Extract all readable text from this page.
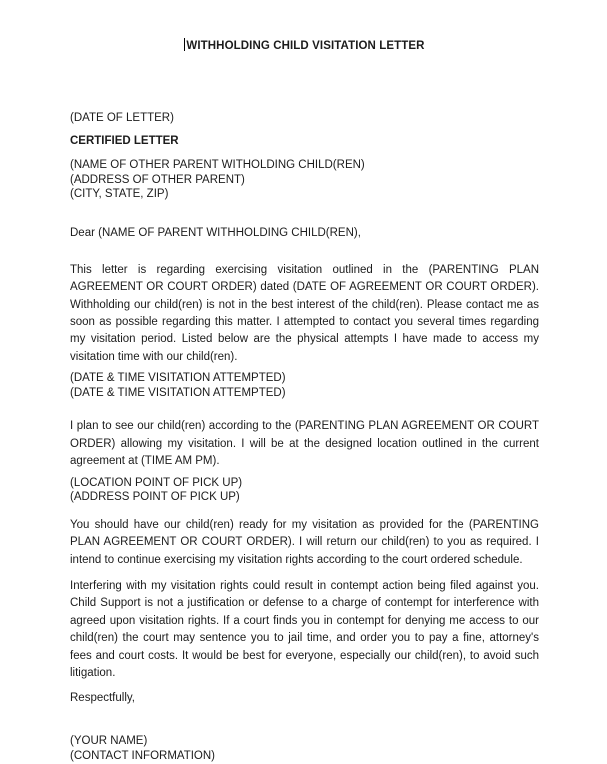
WITHHOLDING CHILD VISITATION LETTER
(DATE OF LETTER)
CERTIFIED LETTER
(NAME OF OTHER PARENT WITHOLDING CHILD(REN)
(ADDRESS OF OTHER PARENT)
(CITY, STATE, ZIP)
Dear (NAME OF PARENT WITHHOLDING CHILD(REN),
This letter is regarding exercising visitation outlined in the (PARENTING PLAN AGREEMENT OR COURT ORDER) dated (DATE OF AGREEMENT OR COURT ORDER). Withholding our child(ren) is not in the best interest of the child(ren). Please contact me as soon as possible regarding this matter. I attempted to contact you several times regarding my visitation period. Listed below are the physical attempts I have made to access my visitation time with our child(ren).
(DATE & TIME VISITATION ATTEMPTED)
(DATE & TIME VISITATION ATTEMPTED)
I plan to see our child(ren) according to the (PARENTING PLAN AGREEMENT OR COURT ORDER) allowing my visitation. I will be at the designed location outlined in the current agreement at (TIME AM PM).
(LOCATION POINT OF PICK UP)
(ADDRESS POINT OF PICK UP)
You should have our child(ren) ready for my visitation as provided for the (PARENTING PLAN AGREEMENT OR COURT ORDER). I will return our child(ren) to you as required. I intend to continue exercising my visitation rights according to the court ordered schedule.
Interfering with my visitation rights could result in contempt action being filed against you. Child Support is not a justification or defense to a charge of contempt for interference with agreed upon visitation rights. If a court finds you in contempt for denying me access to our child(ren) the court may sentence you to jail time, and order you to pay a fine, attorney's fees and court costs. It would be best for everyone, especially our child(ren), to avoid such litigation.
Respectfully,
(YOUR NAME)
(CONTACT INFORMATION)
